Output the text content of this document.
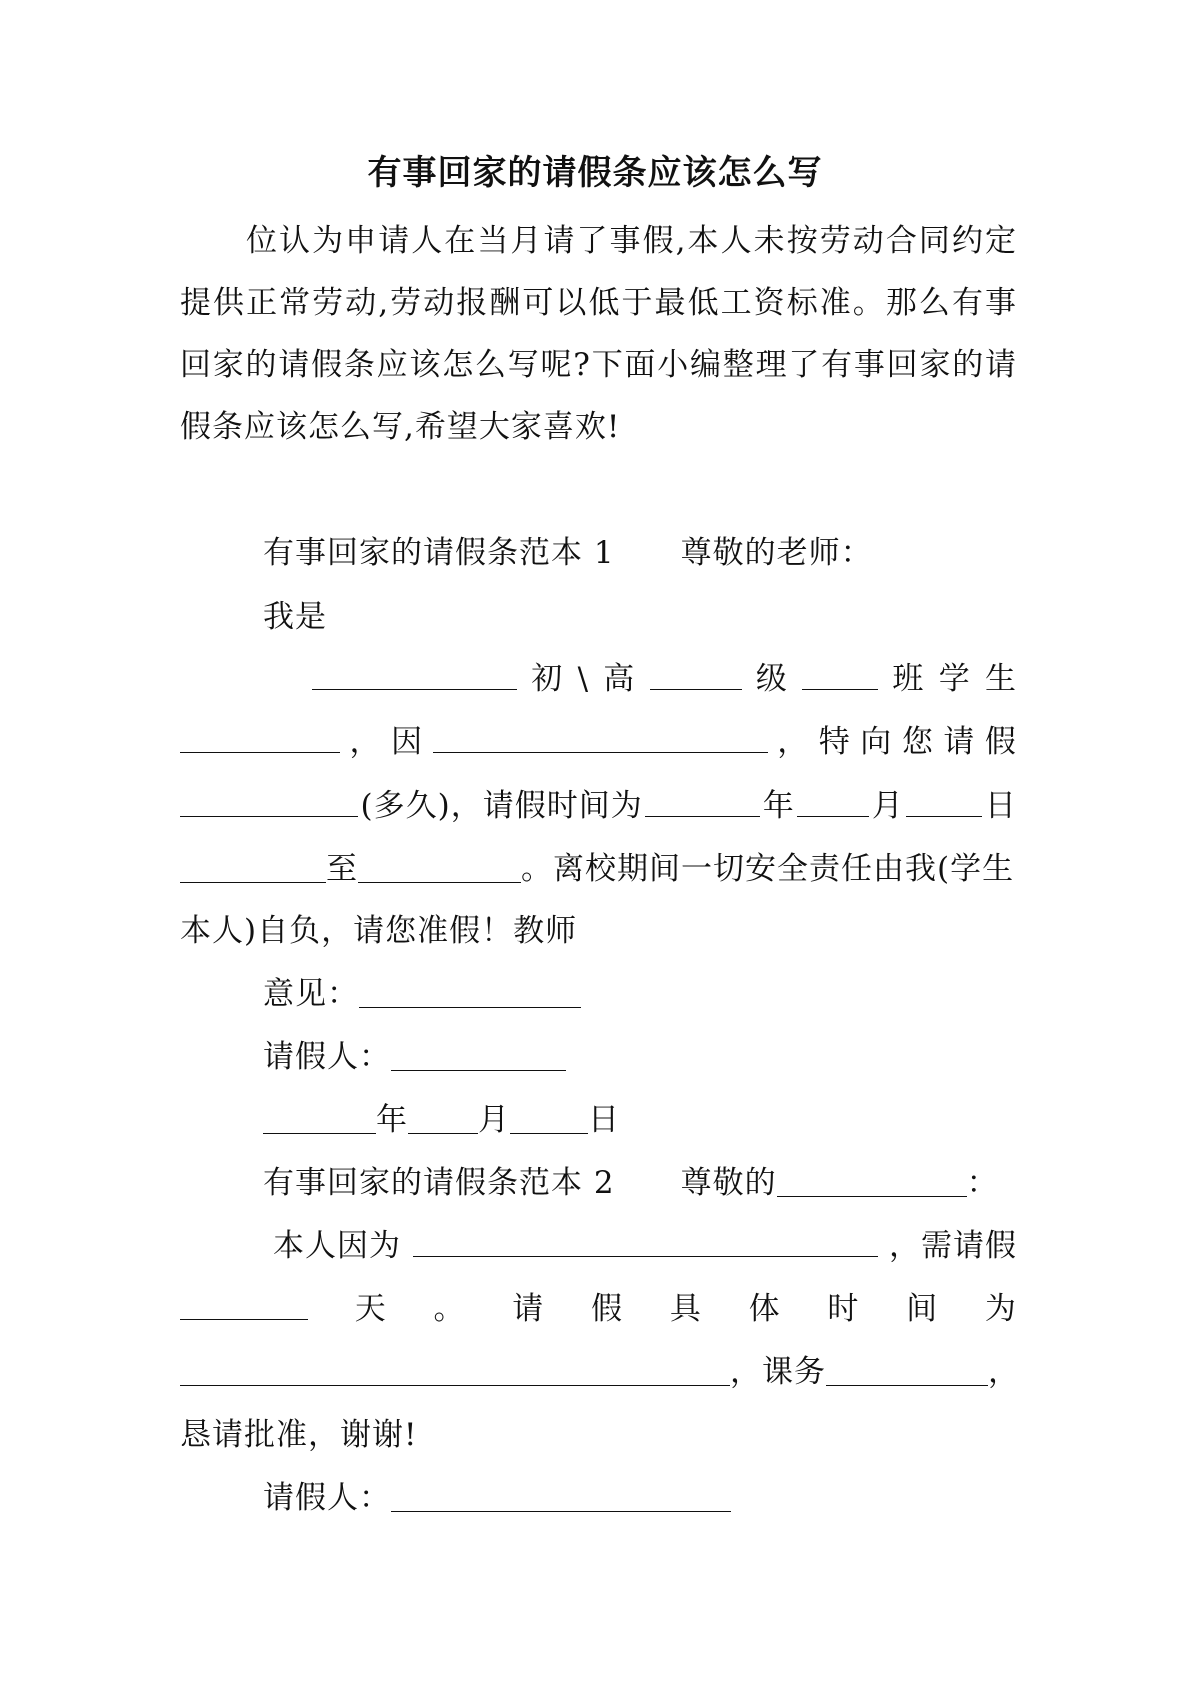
有事回家的请假条应该怎么写
位认为申请人在当月请了事假,本人未按劳动合同约定提供正常劳动,劳动报酬可以低于最低工资标准。那么有事回家的请假条应该怎么写呢?下面小编整理了有事回家的请假条应该怎么写,希望大家喜欢!
有事回家的请假条范本 1 尊敬的老师：
我是
初 \ 高	级	班 学 生
， 因	， 特 向 您 请 假
(多久)，请假时间为	年 月	日
至	。离校期间一切安全责任由我(学生
本人)自负，请您准假！教师
意见：
请假人：
年 月	日
有事回家的请假条范本 2 尊敬的	：
本人因为	，需请假
天 。 请 假 具 体 时 间 为
，课务	，
恳请批准，谢谢!
请假人：
